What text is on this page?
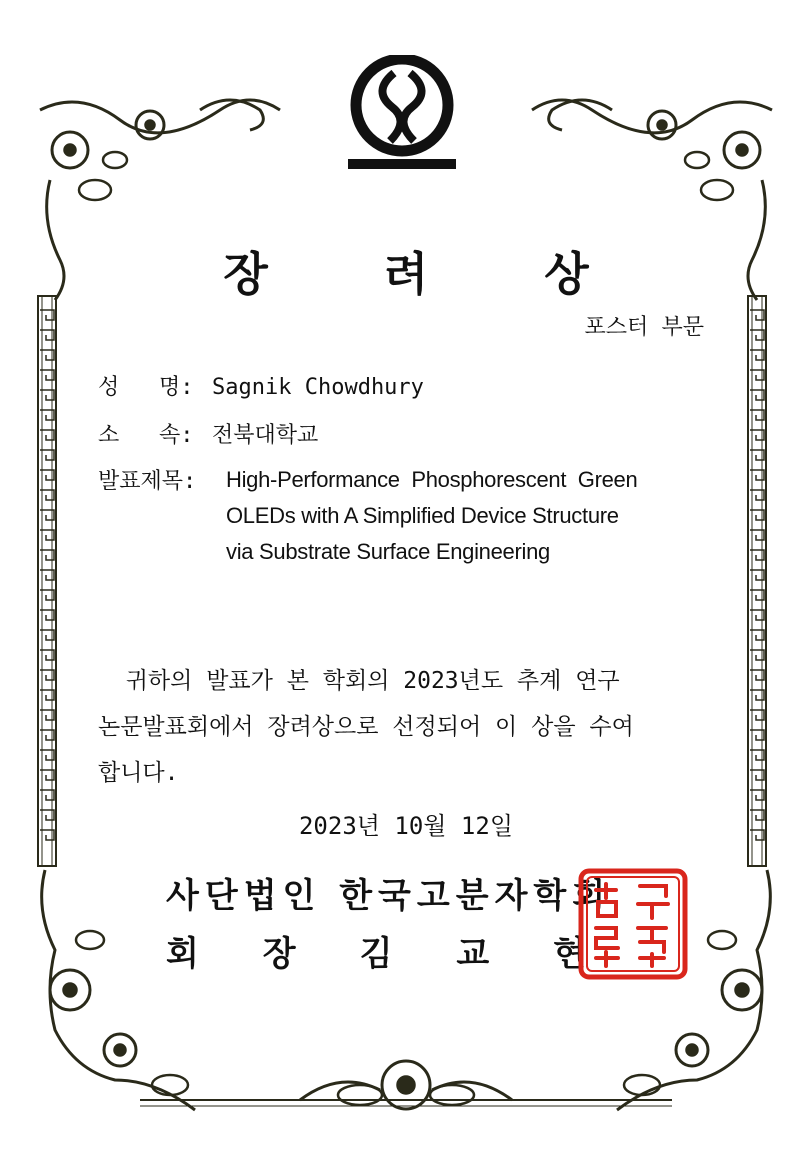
장 려 상
포스터 부문
성   명: Sagnik Chowdhury
소   속: 전북대학교
발표제목:	High-Performance  Phosphorescent  Green
OLEDs with A Simplified Device Structure
via Substrate Surface Engineering
귀하의 발표가 본 학회의 2023년도 추계 연구
논문발표회에서 장려상으로 선정되어 이 상을 수여
합니다.
2023년 10월 12일
사단법인 한국고분자학회
회 장 김 교 현
